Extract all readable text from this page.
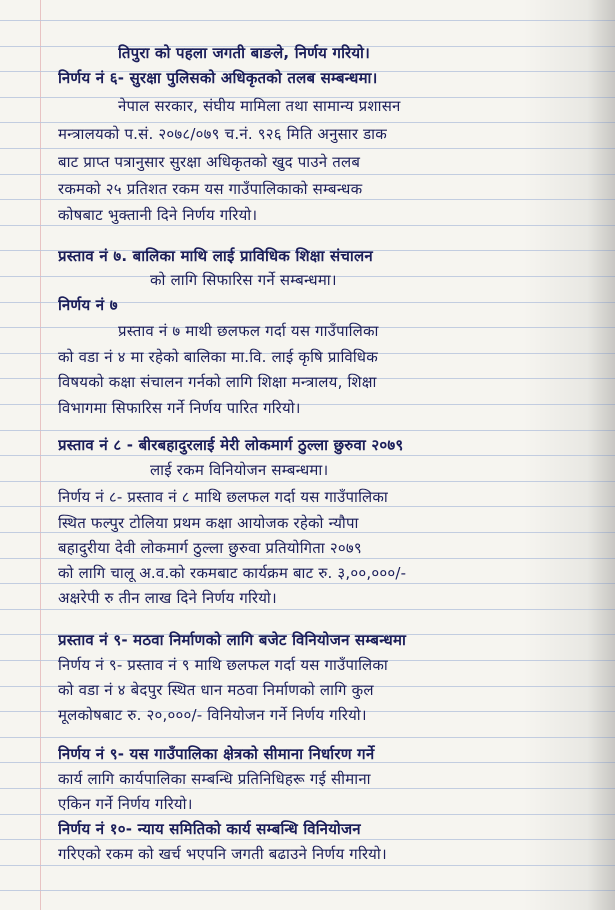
तिपुरा को पहला जगती बाङले, निर्णय गरियो।
निर्णय नं ६- सुरक्षा पुलिसको अधिकृतको तलब सम्बन्धमा।
नेपाल सरकार, संघीय मामिला तथा सामान्य प्रशासन
मन्त्रालयको प.सं. २०७८/०७९ च.नं. ९२६ मिति अनुसार डाक
बाट प्राप्त पत्रानुसार सुरक्षा अधिकृतको खुद पाउने तलब
रकमको २५ प्रतिशत रकम यस गाउँपालिकाको सम्बन्धक
कोषबाट भुक्तानी दिने निर्णय गरियो।
प्रस्ताव नं ७. बालिका माथि लाई प्राविधिक शिक्षा संचालन
को लागि सिफारिस गर्ने सम्बन्धमा।
निर्णय नं ७
प्रस्ताव नं ७ माथी छलफल गर्दा यस गाउँपालिका
को वडा नं ४ मा रहेको बालिका मा.वि. लाई कृषि प्राविधिक
विषयको कक्षा संचालन गर्नको लागि शिक्षा मन्त्रालय, शिक्षा
विभागमा सिफारिस गर्ने निर्णय पारित गरियो।
प्रस्ताव नं ८ - बीरबहादुरलाई मेरी लोकमार्ग ठुल्ला छुरुवा २०७९
लाई रकम विनियोजन सम्बन्धमा।
निर्णय नं ८- प्रस्ताव नं ८ माथि छलफल गर्दा यस गाउँपालिका
स्थित फल्पुर टोलिया प्रथम कक्षा आयोजक रहेको न्यौपा
बहादुरीया देवी लोकमार्ग ठुल्ला छुरुवा प्रतियोगिता २०७९
को लागि चालू अ.व.को रकमबाट कार्यक्रम बाट रु. ३,००,०००/-
अक्षरेपी रु तीन लाख दिने निर्णय गरियो।
प्रस्ताव नं ९- मठवा निर्माणको लागि बजेट विनियोजन सम्बन्धमा
निर्णय नं ९- प्रस्ताव नं ९ माथि छलफल गर्दा यस गाउँपालिका
को वडा नं ४ बेदपुर स्थित धान मठवा निर्माणको लागि कुल
मूलकोषबाट रु. २०,०००/- विनियोजन गर्ने निर्णय गरियो।
निर्णय नं ९- यस गाउँपालिका क्षेत्रको सीमाना निर्धारण गर्ने
कार्य लागि कार्यपालिका सम्बन्धि प्रतिनिधिहरू गई सीमाना
एकिन गर्ने निर्णय गरियो।
निर्णय नं १०- न्याय समितिको कार्य सम्बन्धि विनियोजन
गरिएको रकम को खर्च भएपनि जगती बढाउने निर्णय गरियो।
